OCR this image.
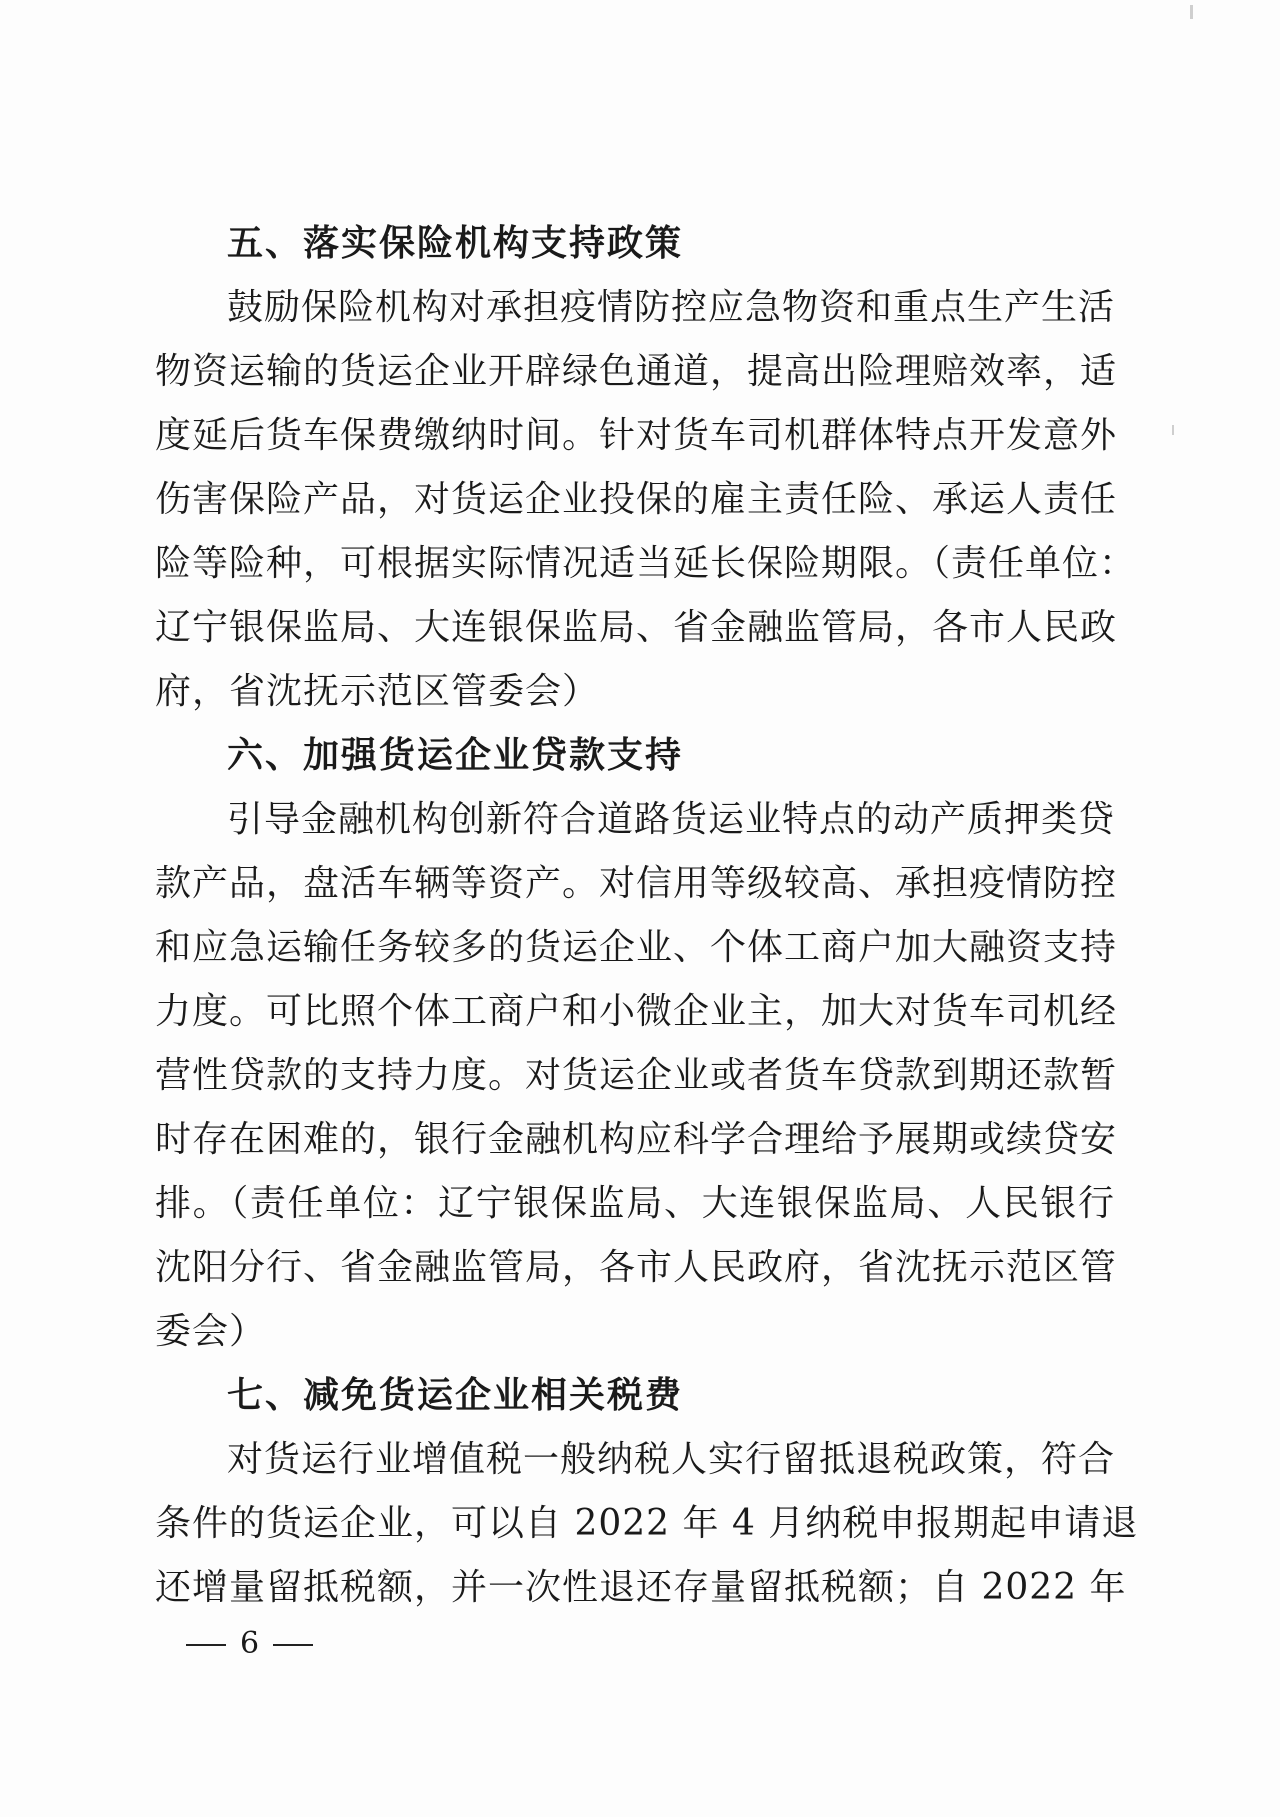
五、落实保险机构支持政策
鼓励保险机构对承担疫情防控应急物资和重点生产生活
物资运输的货运企业开辟绿色通道，提高出险理赔效率，适
度延后货车保费缴纳时间。针对货车司机群体特点开发意外
伤害保险产品，对货运企业投保的雇主责任险、承运人责任
险等险种，可根据实际情况适当延长保险期限。（责任单位：
辽宁银保监局、大连银保监局、省金融监管局，各市人民政
府，省沈抚示范区管委会）
六、加强货运企业贷款支持
引导金融机构创新符合道路货运业特点的动产质押类贷
款产品，盘活车辆等资产。对信用等级较高、承担疫情防控
和应急运输任务较多的货运企业、个体工商户加大融资支持
力度。可比照个体工商户和小微企业主，加大对货车司机经
营性贷款的支持力度。对货运企业或者货车贷款到期还款暂
时存在困难的，银行金融机构应科学合理给予展期或续贷安
排。（责任单位：辽宁银保监局、大连银保监局、人民银行
沈阳分行、省金融监管局，各市人民政府，省沈抚示范区管
委会）
七、减免货运企业相关税费
对货运行业增值税一般纳税人实行留抵退税政策，符合
条件的货运企业，可以自 2022 年 4 月纳税申报期起申请退
还增量留抵税额，并一次性退还存量留抵税额；自 2022 年
6
